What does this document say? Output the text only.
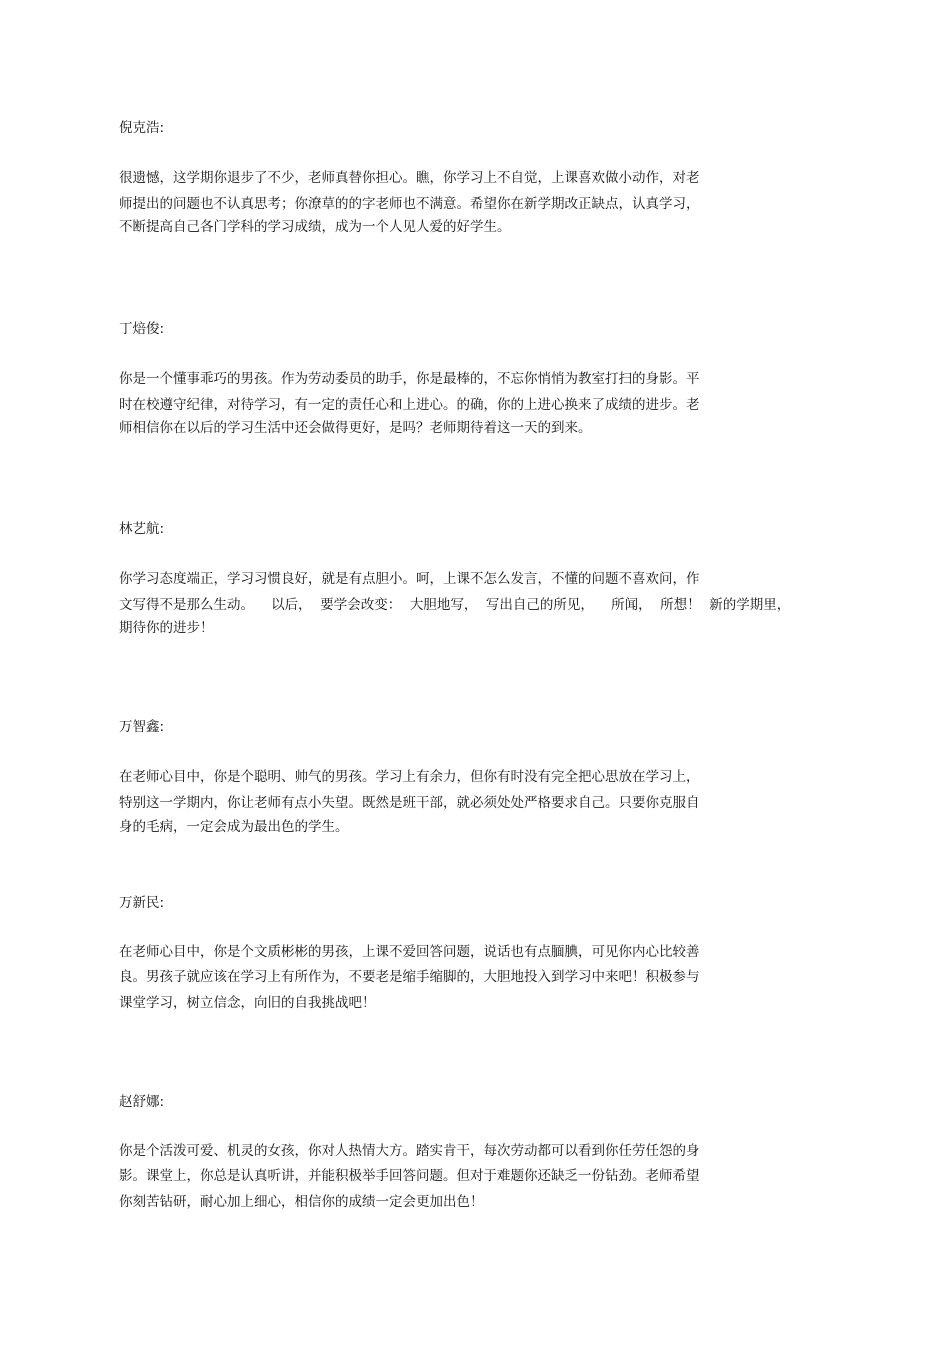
倪克浩:
很遗憾，这学期你退步了不少，老师真替你担心。瞧，你学习上不自觉，上课喜欢做小动作，对老
师提出的问题也不认真思考；你潦草的的字老师也不满意。希望你在新学期改正缺点，认真学习，
不断提高自己各门学科的学习成绩，成为一个人见人爱的好学生。
丁焙俊:
你是一个懂事乖巧的男孩。作为劳动委员的助手，你是最棒的，不忘你悄悄为教室打扫的身影。平
时在校遵守纪律，对待学习，有一定的责任心和上进心。的确，你的上进心换来了成绩的进步。老
师相信你在以后的学习生活中还会做得更好，是吗？老师期待着这一天的到来。
林艺航:
你学习态度端正，学习习惯良好，就是有点胆小。呵，上课不怎么发言，不懂的问题不喜欢问，作
文写得不是那么生动。    以后，  要学会改变：  大胆地写，  写出自己的所见，    所闻，  所想！  新的学期里，
期待你的进步！
万智鑫:
在老师心目中，你是个聪明、帅气的男孩。学习上有余力，但你有时没有完全把心思放在学习上，
特别这一学期内，你让老师有点小失望。既然是班干部，就必须处处严格要求自己。只要你克服自
身的毛病，一定会成为最出色的学生。
万新民:
在老师心目中，你是个文质彬彬的男孩，上课不爱回答问题，说话也有点腼腆，可见你内心比较善
良。男孩子就应该在学习上有所作为，不要老是缩手缩脚的，大胆地投入到学习中来吧！积极参与
课堂学习，树立信念，向旧的自我挑战吧！
赵舒娜:
你是个活泼可爱、机灵的女孩，你对人热情大方。踏实肯干，每次劳动都可以看到你任劳任怨的身
影。课堂上，你总是认真听讲，并能积极举手回答问题。但对于难题你还缺乏一份钻劲。老师希望
你刻苦钻研，耐心加上细心，相信你的成绩一定会更加出色！
